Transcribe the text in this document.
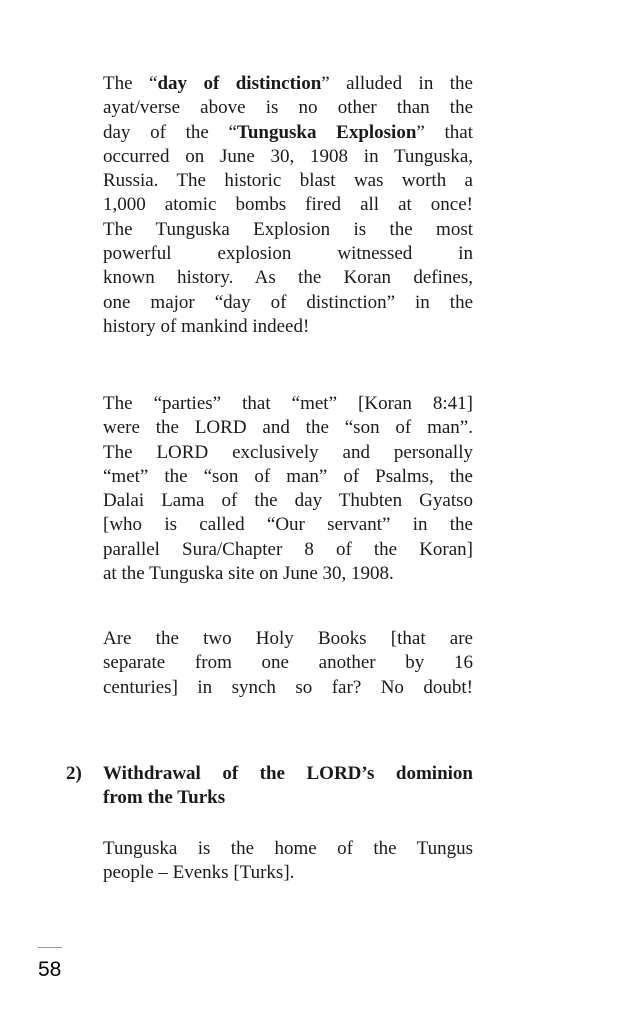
The “day of distinction” alluded in the
ayat/verse above is no other than the
day of the “Tunguska Explosion” that
occurred on June 30, 1908 in Tunguska,
Russia. The historic blast was worth a
1,000 atomic bombs fired all at once!
The Tunguska Explosion is the most
powerful explosion witnessed in
known history. As the Koran defines,
one major “day of distinction” in the
history of mankind indeed!
The “parties” that “met” [Koran 8:41]
were the LORD and the “son of man”.
The LORD exclusively and personally
“met” the “son of man” of Psalms, the
Dalai Lama of the day Thubten Gyatso
[who is called “Our servant” in the
parallel Sura/Chapter 8 of the Koran]
at the Tunguska site on June 30, 1908.
Are the two Holy Books [that are
separate from one another by 16
centuries] in synch so far? No doubt!
2) Withdrawal of the LORD’s dominion
from the Turks
Tunguska is the home of the Tungus
people – Evenks [Turks].
58
